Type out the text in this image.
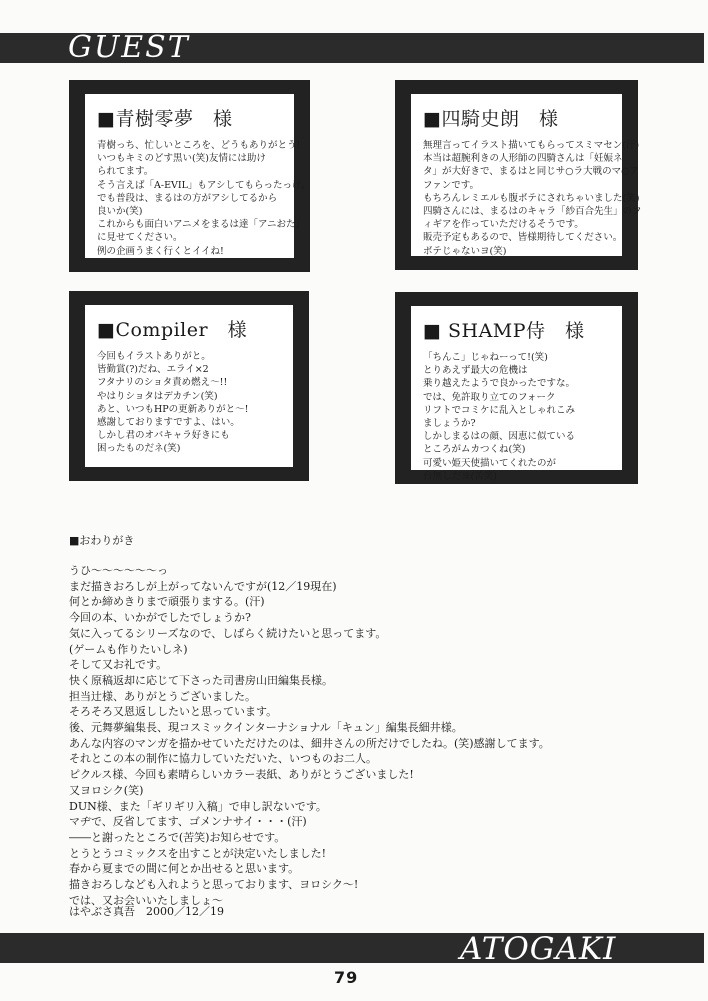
GUEST
■青樹零夢　様

青樹っち、忙しいところを、どうもありがとう!
いつもキミのどす黒い(笑)友情には助け
られてます。
そう言えば「A-EVIL」もアシしてもらったっけ。
でも普段は、まるはの方がアシしてるから
良いか(笑)
これからも面白いアニメをまるは達「アニおた」
に見せてください。
例の企画うまく行くとイイね!

■四騎史朗　様

無理言ってイラスト描いてもらってスミマセン(汗)
本当は超腕利きの人形師の四騎さんは「妊娠ネ
タ」が大好きで、まるはと同じサ○ラ大戦のマ○ア
ファンです。
もちろんレミエルも腹ボテにされちゃいました(笑)
四騎さんには、まるはのキャラ「紗百合先生」のフ
ィギアを作っていただけるそうです。
販売予定もあるので、皆様期待してください。
ボテじゃないヨ(笑)

■Compiler　様

今回もイラストありがと。
皆勤賞(?)だね、エライ×2
フタナリのショタ責め燃え～!!
やはりショタはデカチン(笑)
あと、いつもHPの更新ありがと～!
感謝しておりますですよ、はい。
しかし君のオバキャラ好きにも
困ったものだネ(笑)

■ SHAMP侍　様

「ちんこ」じゃねーって!(笑)
とりあえず最大の危機は
乗り越えたようで良かったですな。
では、免許取り立てのフォーク
リフトでコミケに乱入としゃれこみ
ましょうか?
しかしまるはの顔、因恵に似ている
ところがムカつくね(笑)
可愛い姫天使描いてくれたのが
台無しだヨ(苦笑)

■おわりがき

うひ～～～～～～っ
まだ描きおろしが上がってないんですが(12／19現在)
何とか締めきりまで頑張りまする。(汗)
今回の本、いかがでしたでしょうか?
気に入ってるシリーズなので、しばらく続けたいと思ってます。
(ゲームも作りたいしネ)
そして又お礼です。
快く原稿返却に応じて下さった司書房山田編集長様。
担当辻様、ありがとうございました。
そろそろ又恩返ししたいと思っています。
後、元舞夢編集長、現コスミックインターナショナル「キュン」編集長細井様。
あんな内容のマンガを描かせていただけたのは、細井さんの所だけでしたね。(笑)感謝してます。
それとこの本の制作に協力していただいた、いつものお二人。
ピクルス様、今回も素晴らしいカラー表紙、ありがとうございました!
又ヨロシク(笑)
DUN様、また「ギリギリ入稿」で申し訳ないです。
マヂで、反省してます、ゴメンナサイ・・・(汗)
――と謝ったところで(苦笑)お知らせです。
とうとうコミックスを出すことが決定いたしました!
春から夏までの間に何とか出せると思います。
描きおろしなども入れようと思っております、ヨロシク～!
では、又お会いいたしましょ～

はやぶさ真吾　2000／12／19
ATOGAKI
79
